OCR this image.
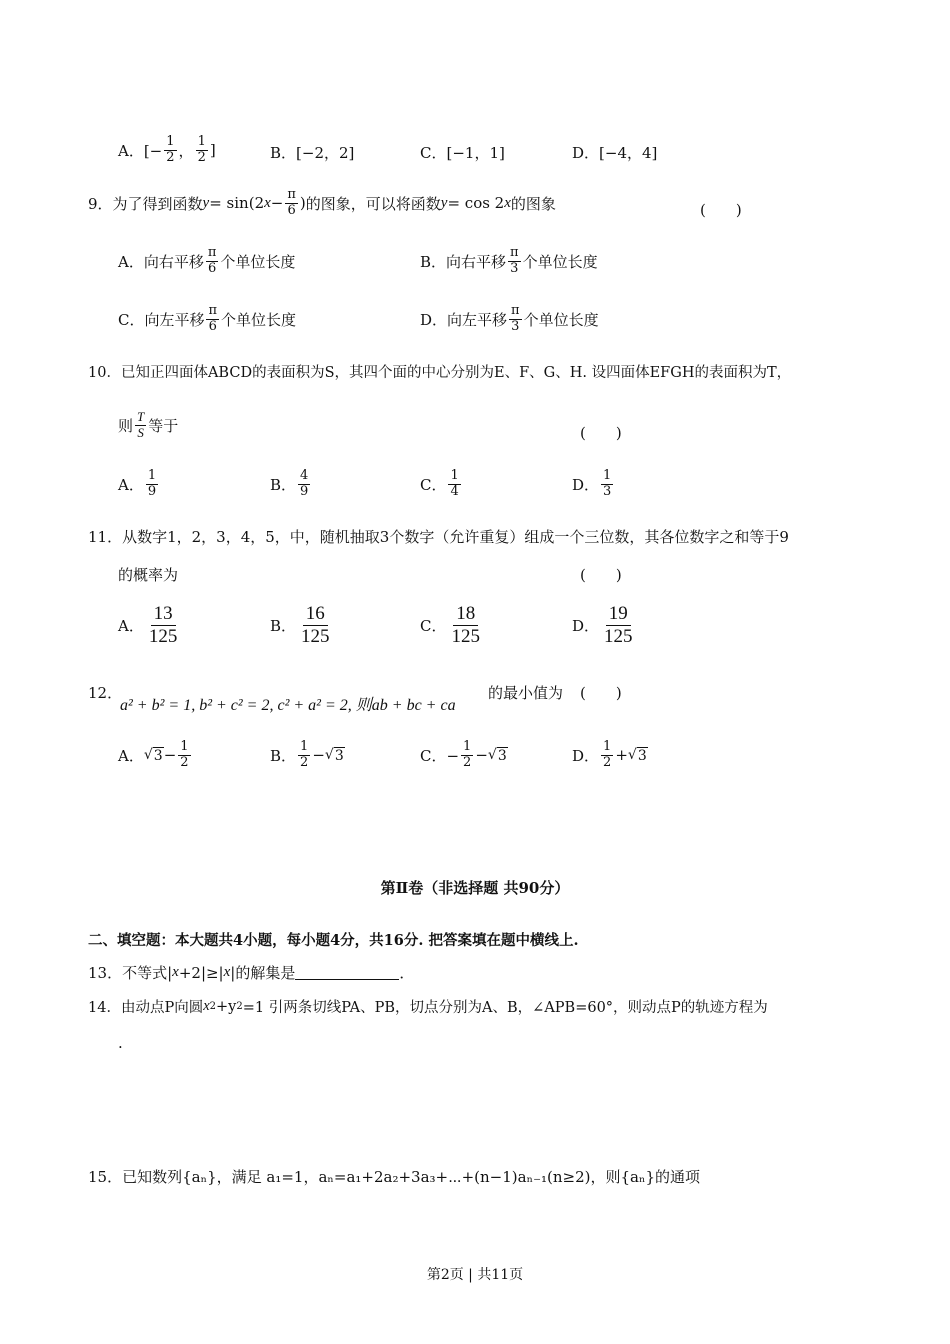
A．[− $\frac{1}{2}$ ， $\frac{1}{2}$ ]	B．[−2，2]	C．[−1，1]	D．[−4，4]
9．为了得到函数 y = sin(2 $x - \frac{\pi}{6}$ ) 的图象，可以将函数 y = cos 2 x 的图象	(　　)
A．向右平移 $\frac{\pi}{6}$ 个单位长度	B．向右平移 $\frac{\pi}{3}$ 个单位长度
C．向左平移 $\frac{\pi}{6}$ 个单位长度	D．向左平移 $\frac{\pi}{3}$ 个单位长度
10．已知正四面体ABCD的表面积为S，其四个面的中心分别为E、F、G、H. 设四面体EFGH的表面积为T，
则 $\frac{T}{S}$ 等于	(　　)
A． $\frac{1}{9}$	B． $\frac{4}{9}$	C． $\frac{1}{4}$	D． $\frac{1}{3}$
11．从数字1，2，3，4，5，中，随机抽取3个数字（允许重复）组成一个三位数，其各位数字之和等于9
的概率为	(　　)
A． $\frac{13}{125}$	B． $\frac{16}{125}$	C． $\frac{18}{125}$	D． $\frac{19}{125}$
12．
a² + b² = 1, b² + c² = 2, c² + a² = 2, 则ab + bc + ca
的最小值为 (　　)
A． √ $3 - \frac{1}{2}$	B． $\frac{1}{2}$ − √ 3	C．− $\frac{1}{2}$ − √ 3	D． $\frac{1}{2}$ + √ 3
第Ⅱ卷（非选择题 共90分）
二、填空题：本大题共4小题，每小题4分，共16分. 把答案填在题中横线上.
13．不等式| x +2|≥| x |的解集是	．
14．由动点P向圆 x 2 +y 2 =1 引两条切线PA、PB，切点分别为A、B，∠APB=60°，则动点P的轨迹方程为
.
15．已知数列{aₙ}，满足 a₁=1，aₙ=a₁+2a₂+3a₃+⋯+(n−1)aₙ₋₁(n≥2)，则{aₙ}的通项
第2页 | 共11页
